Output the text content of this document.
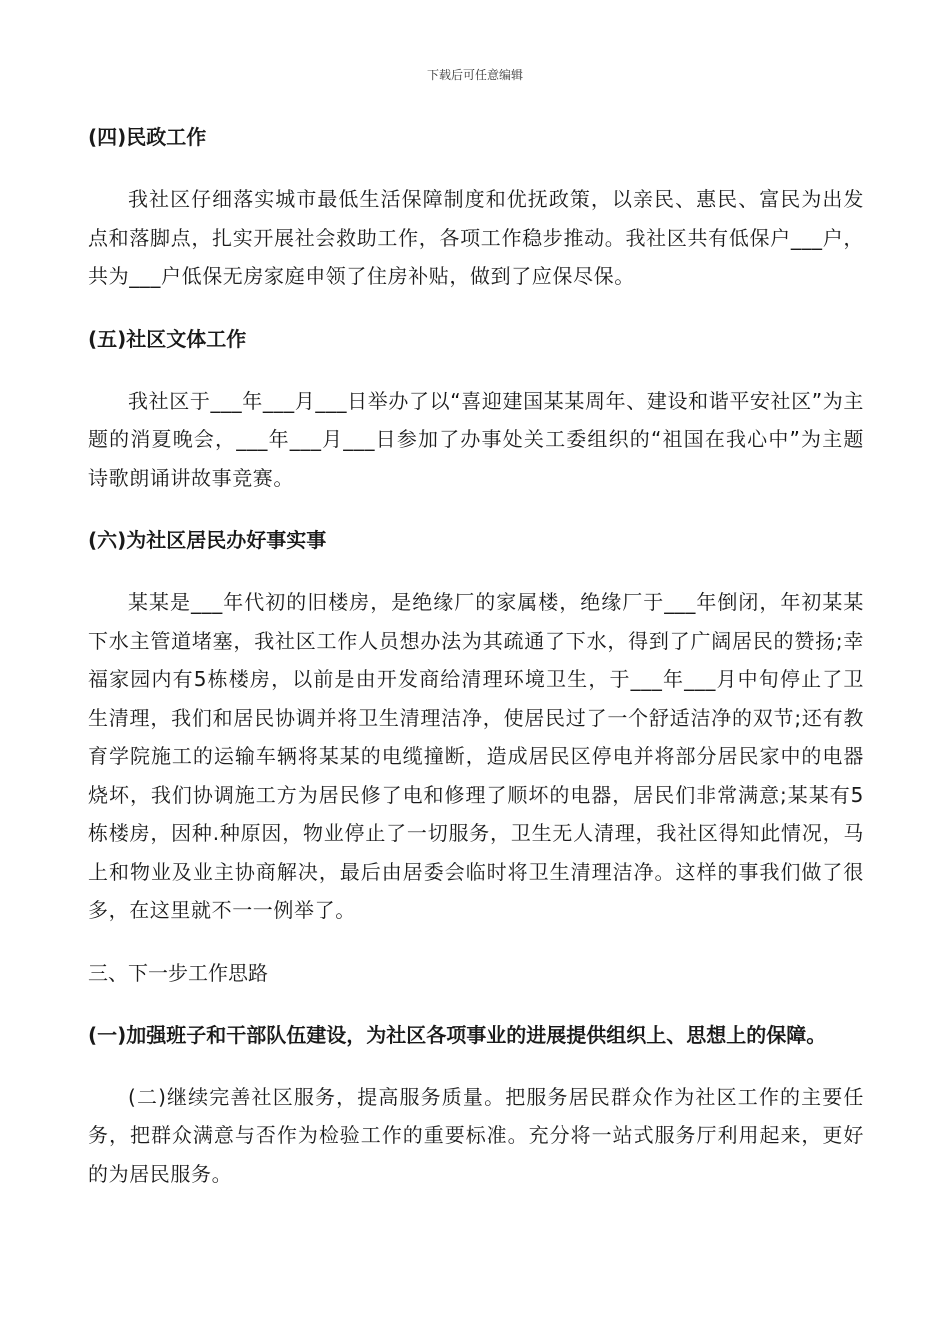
下载后可任意编辑

(四)民政工作

我社区仔细落实城市最低生活保障制度和优抚政策，以亲民、惠民、富民为出发点和落脚点，扎实开展社会救助工作，各项工作稳步推动。我社区共有低保户___户，共为___户低保无房家庭申领了住房补贴，做到了应保尽保。

(五)社区文体工作

我社区于___年___月___日举办了以“喜迎建国某某周年、建设和谐平安社区”为主题的消夏晚会，___年___月___日参加了办事处关工委组织的“祖国在我心中”为主题诗歌朗诵讲故事竞赛。

(六)为社区居民办好事实事

某某是___年代初的旧楼房，是绝缘厂的家属楼，绝缘厂于___年倒闭，年初某某下水主管道堵塞，我社区工作人员想办法为其疏通了下水，得到了广阔居民的赞扬;幸福家园内有5栋楼房，以前是由开发商给清理环境卫生，于___年___月中旬停止了卫生清理，我们和居民协调并将卫生清理洁净，使居民过了一个舒适洁净的双节;还有教育学院施工的运输车辆将某某的电缆撞断，造成居民区停电并将部分居民家中的电器烧坏，我们协调施工方为居民修了电和修理了顺坏的电器，居民们非常满意;某某有5栋楼房，因种.种原因，物业停止了一切服务，卫生无人清理，我社区得知此情况，马上和物业及业主协商解决，最后由居委会临时将卫生清理洁净。这样的事我们做了很多，在这里就不一一例举了。

三、下一步工作思路

(一)加强班子和干部队伍建设，为社区各项事业的进展提供组织上、思想上的保障。

(二)继续完善社区服务，提高服务质量。把服务居民群众作为社区工作的主要任务，把群众满意与否作为检验工作的重要标准。充分将一站式服务厅利用起来，更好的为居民服务。
